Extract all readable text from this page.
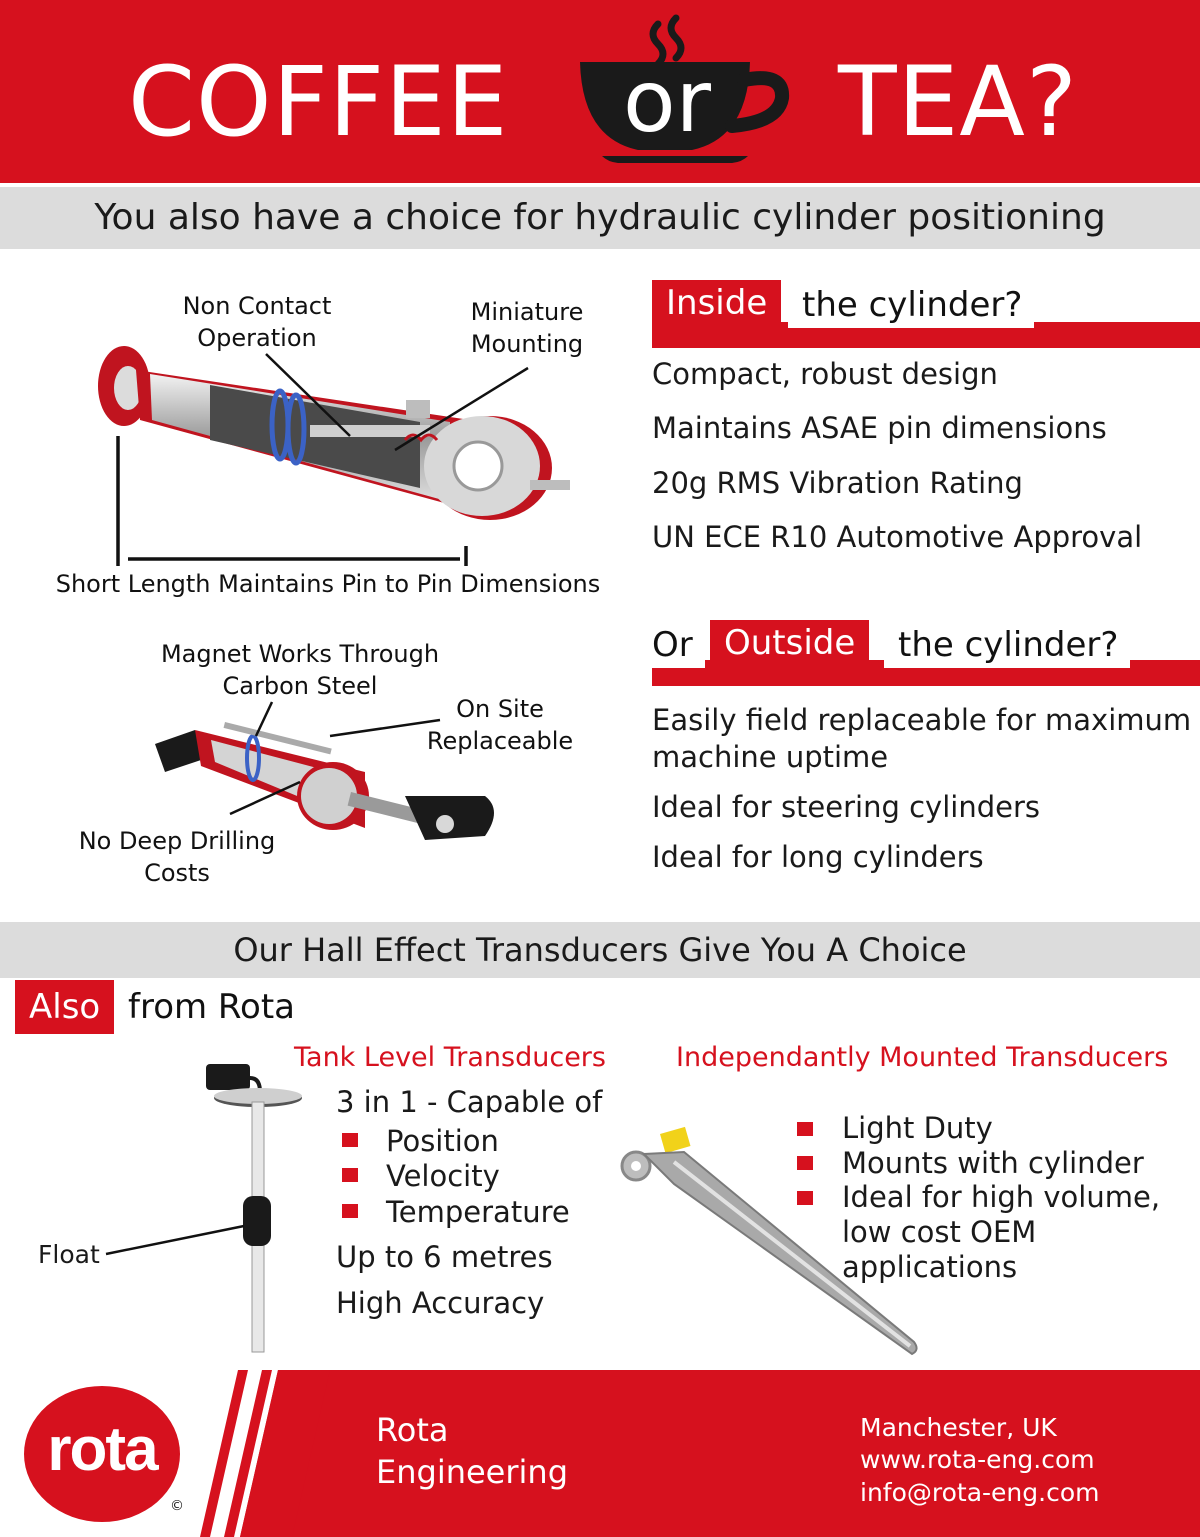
COFFEE or TEA?
You also have a choice for hydraulic cylinder positioning
Non Contact
Operation
Miniature
Mounting
Short Length Maintains Pin to Pin Dimensions
Magnet Works Through
Carbon Steel
On Site
Replaceable
No Deep Drilling
Costs
Inside	the cylinder?
Compact, robust design
Maintains ASAE pin dimensions
20g RMS Vibration Rating
UN ECE R10 Automotive Approval
Or Outside	the cylinder?
Easily field replaceable for maximum
machine uptime
Ideal for steering cylinders
Ideal for long cylinders
Our Hall Effect Transducers Give You A Choice
Also from Rota
Float
Tank Level Transducers
3 in 1 - Capable of
Position
Velocity
Temperature
Up to 6 metres
High Accuracy
Independantly Mounted Transducers
Light Duty
Mounts with cylinder
Ideal for high volume,
low cost OEM
applications
rota
©
Rota
Engineering
Manchester, UK
www.rota-eng.com
info@rota-eng.com
